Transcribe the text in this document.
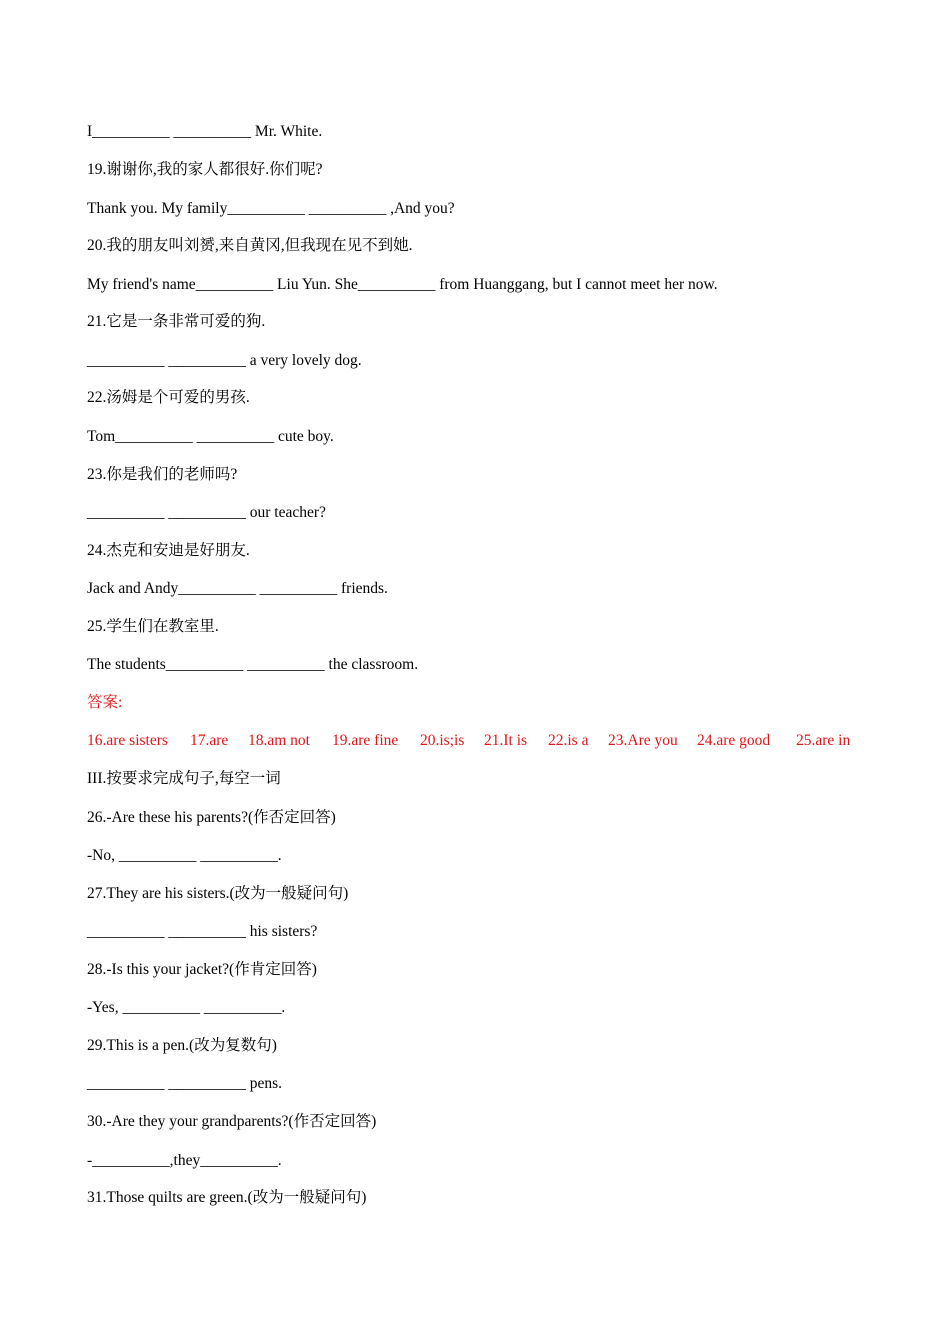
I__________ __________ Mr. White.
19.谢谢你,我的家人都很好.你们呢?
Thank you. My family__________ __________ ,And you?
20.我的朋友叫刘赟,来自黄冈,但我现在见不到她.
My friend's name__________ Liu Yun. She__________ from Huanggang, but I cannot meet her now.
21.它是一条非常可爱的狗.
__________ __________ a very lovely dog.
22.汤姆是个可爱的男孩.
Tom__________ __________ cute boy.
23.你是我们的老师吗?
__________ __________ our teacher?
24.杰克和安迪是好朋友.
Jack and Andy__________ __________ friends.
25.学生们在教室里.
The students__________ __________ the classroom.
答案:
16.are sisters 17.are 18.am not 19.are fine 20.is;is 21.It is 22.is a 23.Are you 24.are good 25.are in
III.按要求完成句子,每空一词
26.-Are these his parents?(作否定回答)
-No, __________ __________.
27.They are his sisters.(改为一般疑问句)
__________ __________ his sisters?
28.-Is this your jacket?(作肯定回答)
-Yes, __________ __________.
29.This is a pen.(改为复数句)
__________ __________ pens.
30.-Are they your grandparents?(作否定回答)
-__________,they__________.
31.Those quilts are green.(改为一般疑问句)
